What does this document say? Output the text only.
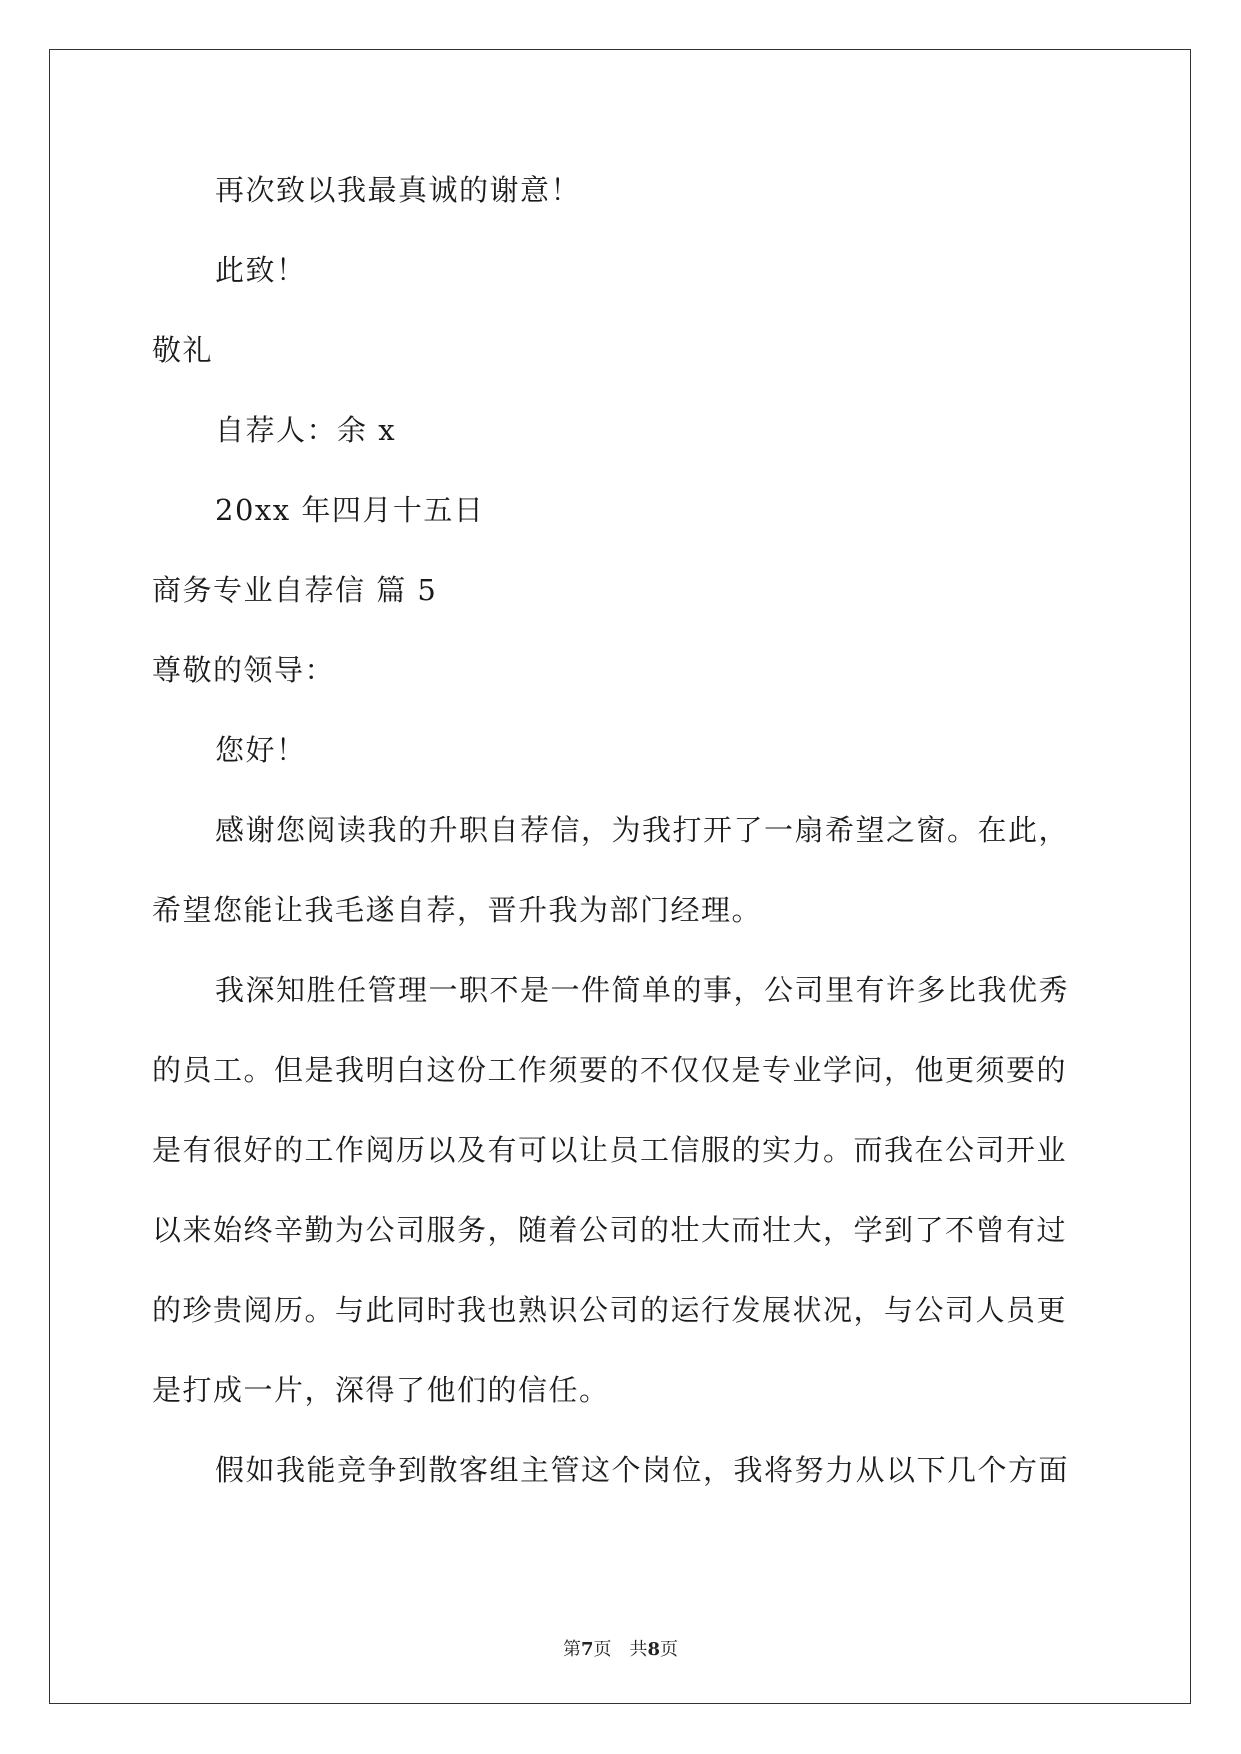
再次致以我最真诚的谢意！
此致！
敬礼
自荐人：余 x
20xx 年四月十五日
商务专业自荐信 篇 5
尊敬的领导：
您好！
感谢您阅读我的升职自荐信，为我打开了一扇希望之窗。在此，
希望您能让我毛遂自荐，晋升我为部门经理。
我深知胜任管理一职不是一件简单的事，公司里有许多比我优秀
的员工。但是我明白这份工作须要的不仅仅是专业学问，他更须要的
是有很好的工作阅历以及有可以让员工信服的实力。而我在公司开业
以来始终辛勤为公司服务，随着公司的壮大而壮大，学到了不曾有过
的珍贵阅历。与此同时我也熟识公司的运行发展状况，与公司人员更
是打成一片，深得了他们的信任。
假如我能竞争到散客组主管这个岗位，我将努力从以下几个方面
第7页 共8页
